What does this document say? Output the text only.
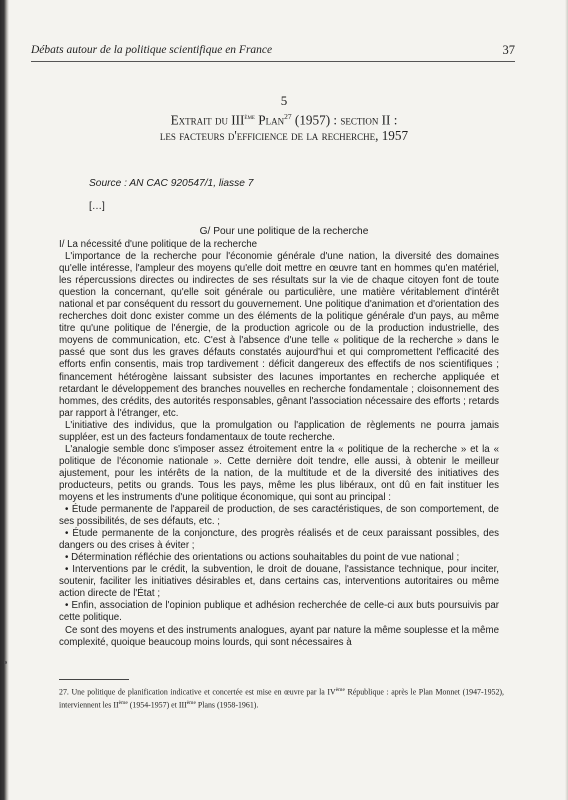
Débats autour de la politique scientifique en France	37
5
Extrait du IIIème Plan$^{27}$ (1957) : section II :
les facteurs d'efficience de la recherche, 1957
Source : AN CAC 920547/1, liasse 7
[…]
G/ Pour une politique de la recherche

I/ La nécessité d'une politique de la recherche

L'importance de la recherche pour l'économie générale d'une nation, la diversité des domaines qu'elle intéresse, l'ampleur des moyens qu'elle doit mettre en œuvre tant en hommes qu'en matériel, les répercussions directes ou indirectes de ses résultats sur la vie de chaque citoyen font de toute question la concernant, qu'elle soit générale ou particulière, une matière véritablement d'intérêt national et par conséquent du ressort du gouvernement. Une politique d'animation et d'orientation des recherches doit donc exister comme un des éléments de la politique générale d'un pays, au même titre qu'une politique de l'énergie, de la production agricole ou de la production industrielle, des moyens de communication, etc. C'est à l'absence d'une telle « politique de la recherche » dans le passé que sont dus les graves défauts constatés aujourd'hui et qui compromettent l'efficacité des efforts enfin consentis, mais trop tardivement : déficit dangereux des effectifs de nos scientifiques ; financement hétérogène laissant subsister des lacunes importantes en recherche appliquée et retardant le développement des branches nouvelles en recherche fondamentale ; cloisonnement des hommes, des crédits, des autorités responsables, gênant l'association nécessaire des efforts ; retards par rapport à l'étranger, etc.

L'initiative des individus, que la promulgation ou l'application de règlements ne pourra jamais suppléer, est un des facteurs fondamentaux de toute recherche.

L'analogie semble donc s'imposer assez étroitement entre la « politique de la recherche » et la « politique de l'économie nationale ». Cette dernière doit tendre, elle aussi, à obtenir le meilleur ajustement, pour les intérêts de la nation, de la multitude et de la diversité des initiatives des producteurs, petits ou grands. Tous les pays, même les plus libéraux, ont dû en fait instituer les moyens et les instruments d'une politique économique, qui sont au principal :

• Étude permanente de l'appareil de production, de ses caractéristiques, de son comportement, de ses possibilités, de ses défauts, etc. ;

• Étude permanente de la conjoncture, des progrès réalisés et de ceux paraissant possibles, des dangers ou des crises à éviter ;

• Détermination réfléchie des orientations ou actions souhaitables du point de vue national ;

• Interventions par le crédit, la subvention, le droit de douane, l'assistance technique, pour inciter, soutenir, faciliter les initiatives désirables et, dans certains cas, interventions autoritaires ou même action directe de l'État ;

• Enfin, association de l'opinion publique et adhésion recherchée de celle-ci aux buts poursuivis par cette politique.

Ce sont des moyens et des instruments analogues, ayant par nature la même souplesse et la même complexité, quoique beaucoup moins lourds, qui sont nécessaires à

27. Une politique de planification indicative et concertée est mise en œuvre par la IVème République : après le Plan Monnet (1947-1952), interviennent les IIème (1954-1957) et IIIème Plans (1958-1961).
